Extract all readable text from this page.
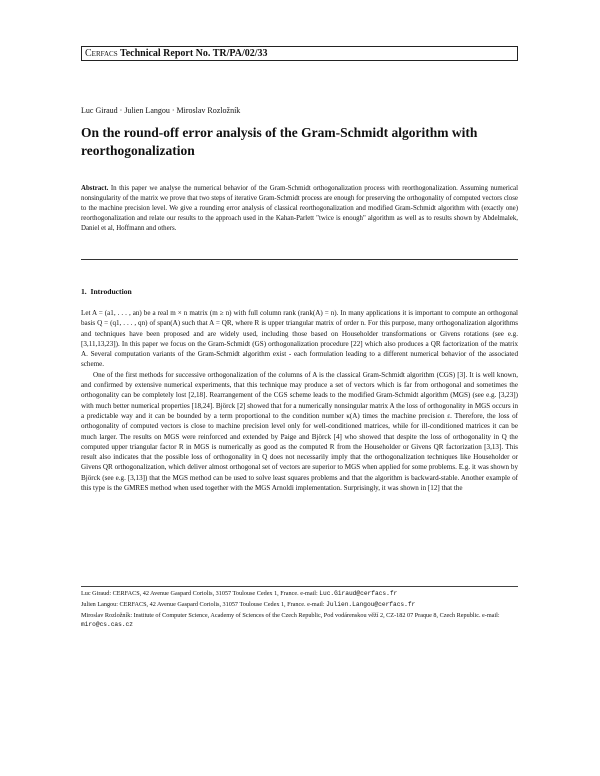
Cerfacs Technical Report No. TR/PA/02/33
Luc Giraud · Julien Langou · Miroslav Rozložník
On the round-off error analysis of the Gram-Schmidt algorithm with reorthogonalization
Abstract. In this paper we analyse the numerical behavior of the Gram-Schmidt orthogonalization process with reorthogonalization. Assuming numerical nonsingularity of the matrix we prove that two steps of iterative Gram-Schmidt process are enough for preserving the orthogonality of computed vectors close to the machine precision level. We give a rounding error analysis of classical reorthogonalization and modified Gram-Schmidt algorithm with (exactly one) reorthogonalization and relate our results to the approach used in the Kahan-Parlett "twice is enough" algorithm as well as to results shown by Abdelmalek, Daniel et al, Hoffmann and others.
1. Introduction

Let A = (a1, . . . , an) be a real m × n matrix (m ≥ n) with full column rank (rank(A) = n). In many applications it is important to compute an orthogonal basis Q = (q1, . . . , qn) of span(A) such that A = QR, where R is upper triangular matrix of order n. For this purpose, many orthogonalization algorithms and techniques have been proposed and are widely used, including those based on Householder transformations or Givens rotations (see e.g. [3,11,13,23]). In this paper we focus on the Gram-Schmidt (GS) orthogonalization procedure [22] which also produces a QR factorization of the matrix A. Several computation variants of the Gram-Schmidt algorithm exist - each formulation leading to a different numerical behavior of the associated scheme.

One of the first methods for successive orthogonalization of the columns of A is the classical Gram-Schmidt algorithm (CGS) [3]. It is well known, and confirmed by extensive numerical experiments, that this technique may produce a set of vectors which is far from orthogonal and sometimes the orthogonality can be completely lost [2,18]. Rearrangement of the CGS scheme leads to the modified Gram-Schmidt algorithm (MGS) (see e.g. [3,23]) with much better numerical properties [18,24]. Björck [2] showed that for a numerically nonsingular matrix A the loss of orthogonality in MGS occurs in a predictable way and it can be bounded by a term proportional to the condition number κ(A) times the machine precision ε. Therefore, the loss of orthogonality of computed vectors is close to machine precision level only for well-conditioned matrices, while for ill-conditioned matrices it can be much larger. The results on MGS were reinforced and extended by Paige and Björck [4] who showed that despite the loss of orthogonality in Q the computed upper triangular factor R in MGS is numerically as good as the computed R from the Householder or Givens QR factorization [3,13]. This result also indicates that the possible loss of orthogonality in Q does not necessarily imply that the orthogonalization techniques like Householder or Givens QR orthogonalization, which deliver almost orthogonal set of vectors are superior to MGS when applied for some problems. E.g. it was shown by Björck (see e.g. [3,13]) that the MGS method can be used to solve least squares problems and that the algorithm is backward-stable. Another example of this type is the GMRES method when used together with the MGS Arnoldi implementation. Surprisingly, it was shown in [12] that the

Luc Giraud: CERFACS, 42 Avenue Gaspard Coriolis, 31057 Toulouse Cedex 1, France. e-mail: Luc.Giraud@cerfacs.fr
Julien Langou: CERFACS, 42 Avenue Gaspard Coriolis, 31057 Toulouse Cedex 1, France. e-mail: Julien.Langou@cerfacs.fr
Miroslav Rozložník: Institute of Computer Science, Academy of Sciences of the Czech Republic, Pod vodárenskou věží 2, CZ-182 07 Praque 8, Czech Republic. e-mail: miro@cs.cas.cz
